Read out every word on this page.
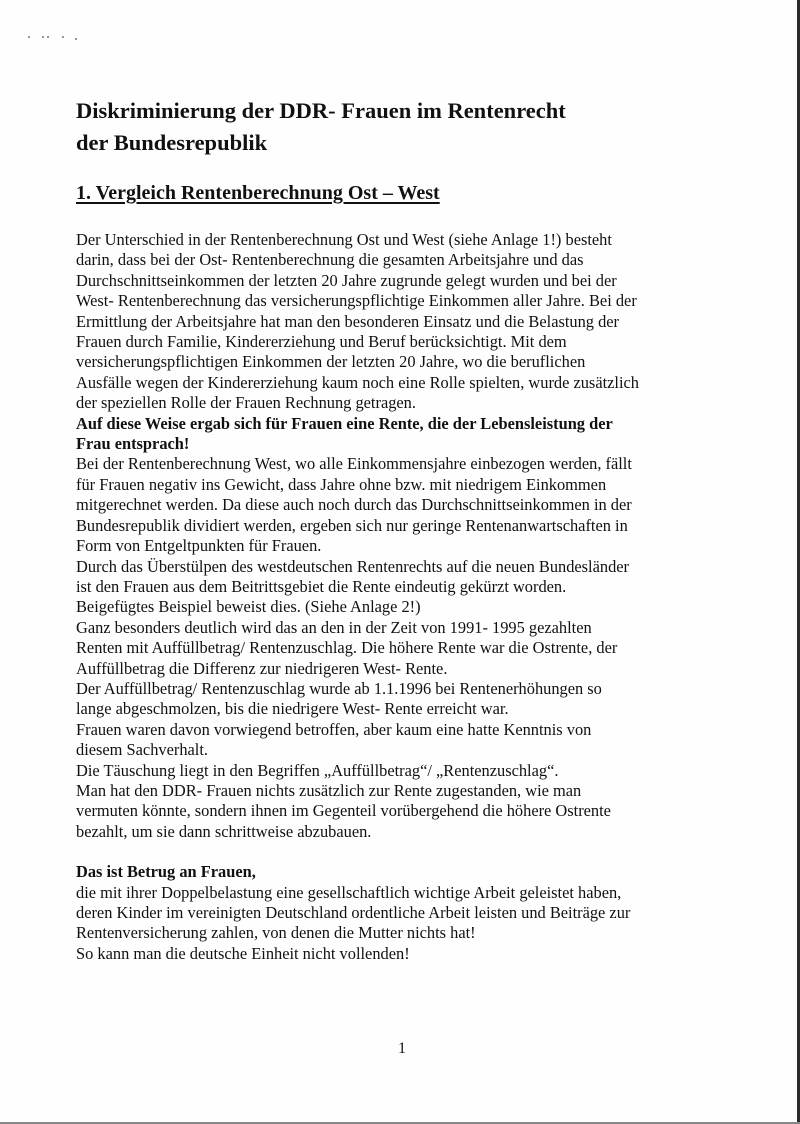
Diskriminierung der DDR- Frauen im Rentenrecht
der Bundesrepublik
1. Vergleich Rentenberechnung Ost – West
Der Unterschied in der Rentenberechnung Ost und West (siehe Anlage 1!) besteht
darin, dass bei der Ost- Rentenberechnung die gesamten Arbeitsjahre und das
Durchschnittseinkommen der letzten 20 Jahre zugrunde gelegt wurden und bei der
West- Rentenberechnung das versicherungspflichtige Einkommen aller Jahre. Bei der
Ermittlung der Arbeitsjahre hat man den besonderen Einsatz und die Belastung der
Frauen durch Familie, Kindererziehung und Beruf berücksichtigt. Mit dem
versicherungspflichtigen Einkommen der letzten 20 Jahre, wo die beruflichen
Ausfälle wegen der Kindererziehung kaum noch eine Rolle spielten, wurde zusätzlich
der speziellen Rolle der Frauen Rechnung getragen.
Auf diese Weise ergab sich für Frauen eine Rente, die der Lebensleistung der
Frau entsprach!
Bei der Rentenberechnung West, wo alle Einkommensjahre einbezogen werden, fällt
für Frauen negativ ins Gewicht, dass Jahre ohne bzw. mit niedrigem Einkommen
mitgerechnet werden. Da diese auch noch durch das Durchschnittseinkommen in der
Bundesrepublik dividiert werden, ergeben sich nur geringe Rentenanwartschaften in
Form von Entgeltpunkten für Frauen.
Durch das Überstülpen des westdeutschen Rentenrechts auf die neuen Bundesländer
ist den Frauen aus dem Beitrittsgebiet die Rente eindeutig gekürzt worden.
Beigefügtes Beispiel beweist dies. (Siehe Anlage 2!)
Ganz besonders deutlich wird das an den in der Zeit von 1991- 1995 gezahlten
Renten mit Auffüllbetrag/ Rentenzuschlag. Die höhere Rente war die Ostrente, der
Auffüllbetrag die Differenz zur niedrigeren West- Rente.
Der Auffüllbetrag/ Rentenzuschlag wurde ab 1.1.1996 bei Rentenerhöhungen so
lange abgeschmolzen, bis die niedrigere West- Rente erreicht war.
Frauen waren davon vorwiegend betroffen, aber kaum eine hatte Kenntnis von
diesem Sachverhalt.
Die Täuschung liegt in den Begriffen „Auffüllbetrag“/ „Rentenzuschlag“.
Man hat den DDR- Frauen nichts zusätzlich zur Rente zugestanden, wie man
vermuten könnte, sondern ihnen im Gegenteil vorübergehend die höhere Ostrente
bezahlt, um sie dann schrittweise abzubauen.
Das ist Betrug an Frauen,
die mit ihrer Doppelbelastung eine gesellschaftlich wichtige Arbeit geleistet haben,
deren Kinder im vereinigten Deutschland ordentliche Arbeit leisten und Beiträge zur
Rentenversicherung zahlen, von denen die Mutter nichts hat!
So kann man die deutsche Einheit nicht vollenden!
1
